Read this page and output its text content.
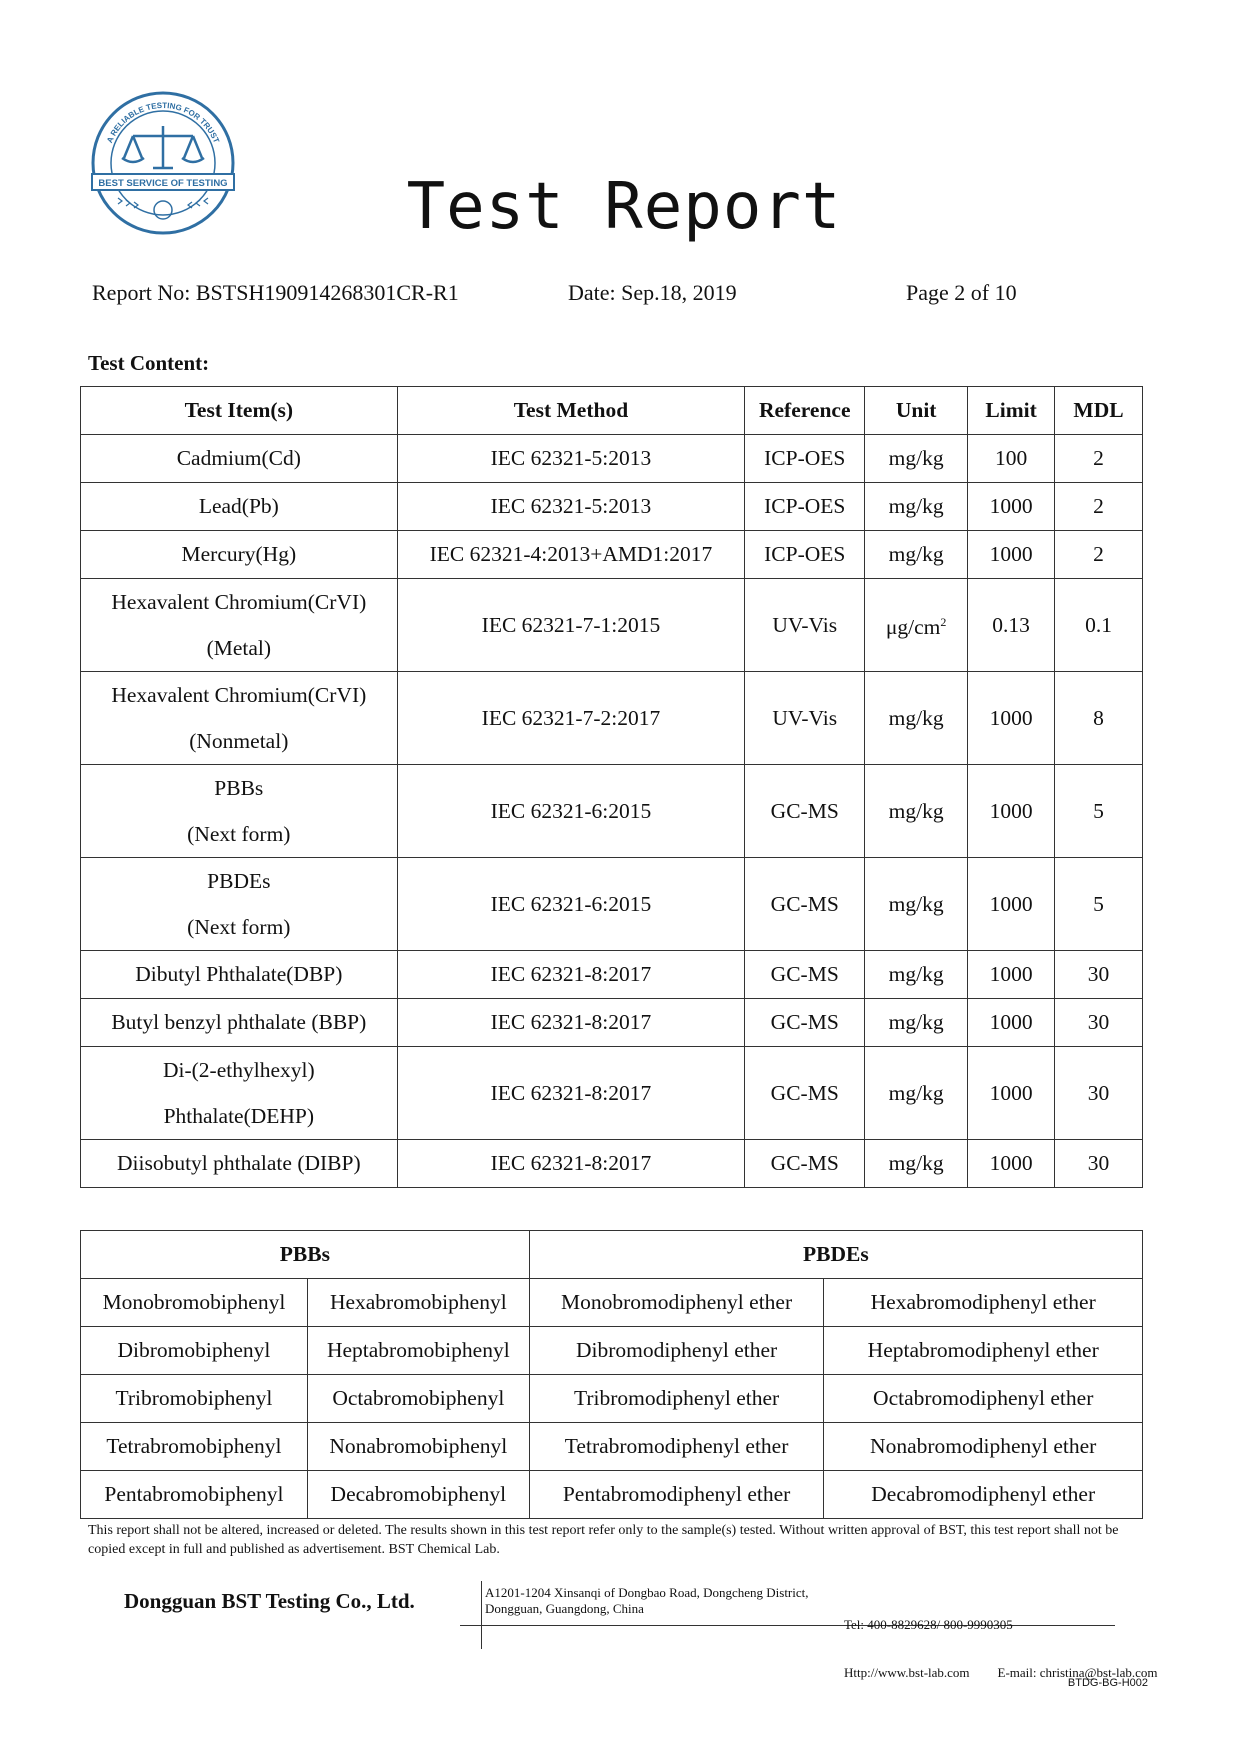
A RELIABLE TESTING FOR TRUST
BEST SERVICE OF TESTING	Test Report
Report No: BSTSH190914268301CR-R1	Date: Sep.18, 2019	Page 2 of 10
Test Content:
Test Item(s)	Test Method	Reference	Unit	Limit	MDL
Cadmium(Cd)	IEC 62321-5:2013	ICP-OES	mg/kg	100	2
Lead(Pb)	IEC 62321-5:2013	ICP-OES	mg/kg	1000	2
Mercury(Hg)	IEC 62321-4:2013+AMD1:2017	ICP-OES	mg/kg	1000	2

Hexavalent Chromium(CrVI)
(Metal)	IEC 62321-7-1:2015	UV-Vis	$\mu g/cm^2$	0.13	0.1

Hexavalent Chromium(CrVI)
(Nonmetal)	IEC 62321-7-2:2017	UV-Vis	mg/kg	1000	8

PBBs
(Next form)	IEC 62321-6:2015	GC-MS	mg/kg	1000	5

PBDEs
(Next form)	IEC 62321-6:2015	GC-MS	mg/kg	1000	5
Dibutyl Phthalate(DBP)	IEC 62321-8:2017	GC-MS	mg/kg	1000	30
Butyl benzyl phthalate (BBP)	IEC 62321-8:2017	GC-MS	mg/kg	1000	30

Di-(2-ethylhexyl)
Phthalate(DEHP)	IEC 62321-8:2017	GC-MS	mg/kg	1000	30
Diisobutyl phthalate (DIBP)	IEC 62321-8:2017	GC-MS	mg/kg	1000	30
PBBs		PBDEs	
Monobromobiphenyl	Hexabromobiphenyl	Monobromodiphenyl ether	Hexabromodiphenyl ether
Dibromobiphenyl	Heptabromobiphenyl	Dibromodiphenyl ether	Heptabromodiphenyl ether
Tribromobiphenyl	Octabromobiphenyl	Tribromodiphenyl ether	Octabromodiphenyl ether
Tetrabromobiphenyl	Nonabromobiphenyl	Tetrabromodiphenyl ether	Nonabromodiphenyl ether
Pentabromobiphenyl	Decabromobiphenyl	Pentabromodiphenyl ether	Decabromodiphenyl ether
This report shall not be altered, increased or deleted. The results shown in this test report refer only to the sample(s) tested. Without written approval of BST, this test report shall not be copied except in full and published as advertisement. BST Chemical Lab.
Dongguan BST Testing Co., Ltd.	A1201-1204 Xinsanqi of Dongbao Road, Dongcheng District,
Dongguan, Guangdong, China

Tel: 400-8829628/ 800-9990305

Http://www.bst-lab.com E-mail: christina@bst-lab.com

BTDG-BG-H002
